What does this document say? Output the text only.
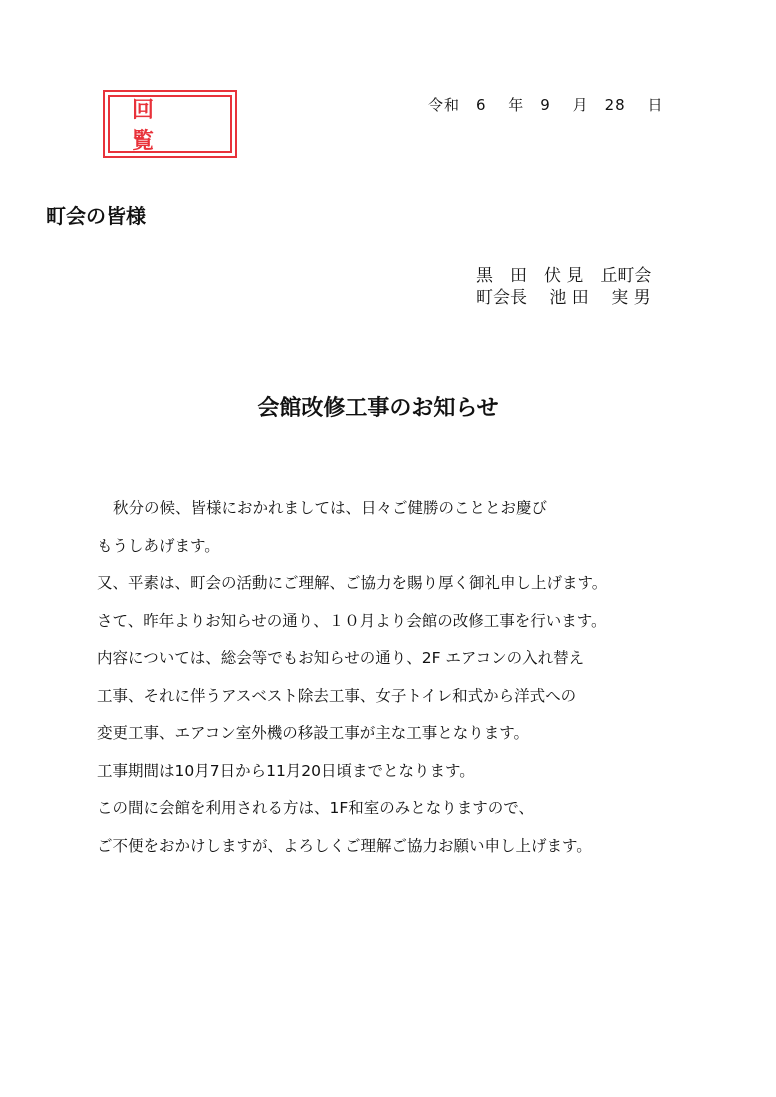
回 覧
令和　6　 年　9　 月　28　 日
町会の皆様
黒　田　伏 見　丘町会
町会長　 池 田　 実 男
会館改修工事のお知らせ
秋分の候、皆様におかれましては、日々ご健勝のこととお慶び
もうしあげます。
又、平素は、町会の活動にご理解、ご協力を賜り厚く御礼申し上げます。
さて、昨年よりお知らせの通り、１０月より会館の改修工事を行います。
内容については、総会等でもお知らせの通り、2F エアコンの入れ替え
工事、それに伴うアスベスト除去工事、女子トイレ和式から洋式への
変更工事、エアコン室外機の移設工事が主な工事となります。
工事期間は10月7日から11月20日頃までとなります。
この間に会館を利用される方は、1F和室のみとなりますので、
ご不便をおかけしますが、よろしくご理解ご協力お願い申し上げます。
